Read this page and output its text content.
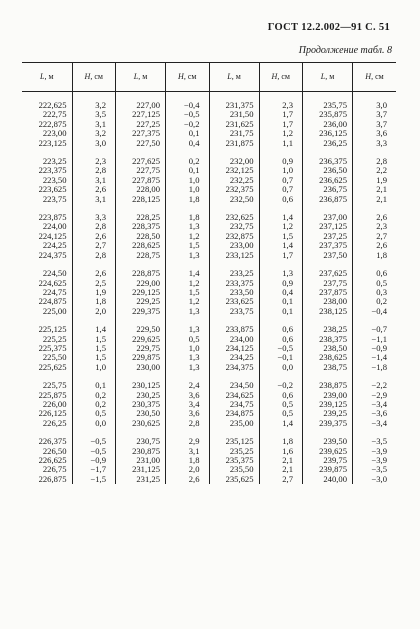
ГОСТ 12.2.002—91 С. 51
Продолжение табл. 8
L, м	H, см	L, м	H, см	L, м	H, см	L, м	H, см

222,625	3,2	227,00	−0,4	231,375	2,3	235,75	3,0
222,75	3,5	227,125	−0,5	231,50	1,7	235,875	3,7
222,875	3,1	227,25	−0,2	231,625	1,7	236,00	3,7
223,00	3,2	227,375	0,1	231,75	1,2	236,125	3,6
223,125	3,0	227,50	0,4	231,875	1,1	236,25	3,3

223,25	2,3	227,625	0,2	232,00	0,9	236,375	2,8
223,375	2,8	227,75	0,1	232,125	1,0	236,50	2,2
223,50	3,1	227,875	1,0	232,25	0,7	236,625	1,9
223,625	2,6	228,00	1,0	232,375	0,7	236,75	2,1
223,75	3,1	228,125	1,8	232,50	0,6	236,875	2,1

223,875	3,3	228,25	1,8	232,625	1,4	237,00	2,6
224,00	2,8	228,375	1,3	232,75	1,2	237,125	2,3
224,125	2,6	228,50	1,2	232,875	1,5	237,25	2,7
224,25	2,7	228,625	1,5	233,00	1,4	237,375	2,6
224,375	2,8	228,75	1,3	233,125	1,7	237,50	1,8

224,50	2,6	228,875	1,4	233,25	1,3	237,625	0,6
224,625	2,5	229,00	1,2	233,375	0,9	237,75	0,5
224,75	1,9	229,125	1,5	233,50	0,4	237,875	0,3
224,875	1,8	229,25	1,2	233,625	0,1	238,00	0,2
225,00	2,0	229,375	1,3	233,75	0,1	238,125	−0,4

225,125	1,4	229,50	1,3	233,875	0,6	238,25	−0,7
225,25	1,5	229,625	0,5	234,00	0,6	238,375	−1,1
225,375	1,5	229,75	1,0	234,125	−0,5	238,50	−0,9
225,50	1,5	229,875	1,3	234,25	−0,1	238,625	−1,4
225,625	1,0	230,00	1,3	234,375	0,0	238,75	−1,8

225,75	0,1	230,125	2,4	234,50	−0,2	238,875	−2,2
225,875	0,2	230,25	3,6	234,625	0,6	239,00	−2,9
226,00	0,2	230,375	3,4	234,75	0,5	239,125	−3,4
226,125	0,5	230,50	3,6	234,875	0,5	239,25	−3,6
226,25	0,0	230,625	2,8	235,00	1,4	239,375	−3,4

226,375	−0,5	230,75	2,9	235,125	1,8	239,50	−3,5
226,50	−0,5	230,875	3,1	235,25	1,6	239,625	−3,9
226,625	−0,9	231,00	1,8	235,375	2,1	239,75	−3,9
226,75	−1,7	231,125	2,0	235,50	2,1	239,875	−3,5
226,875	−1,5	231,25	2,6	235,625	2,7	240,00	−3,0
